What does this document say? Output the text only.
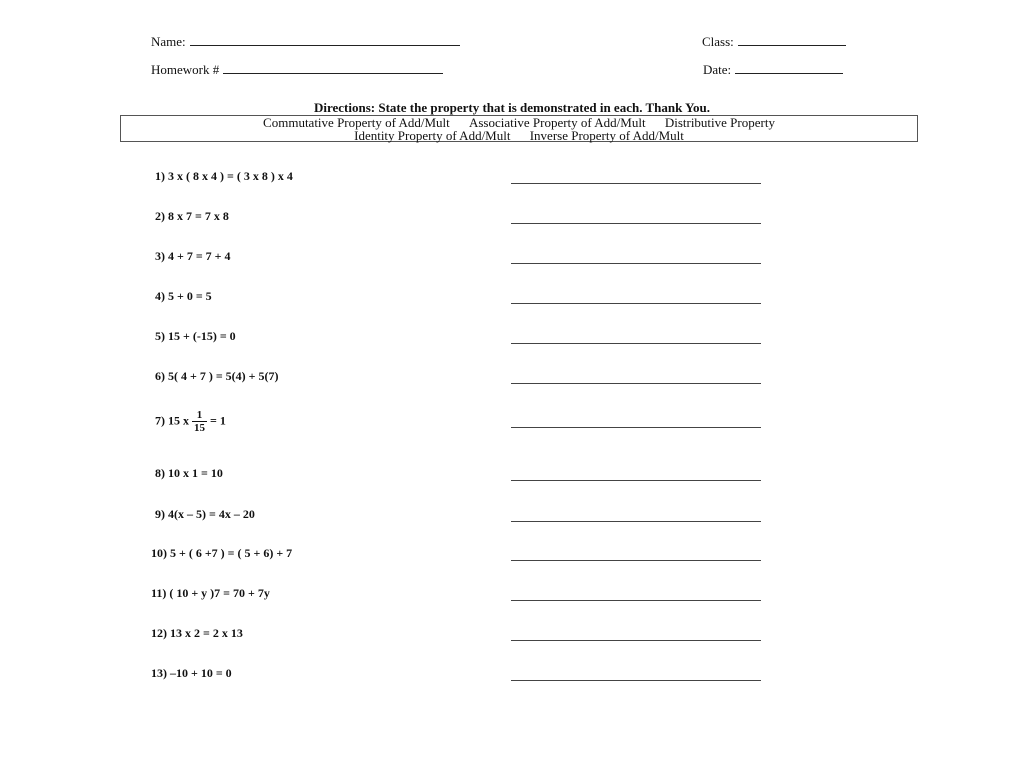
Name:	Class:
Homework #	Date:
Directions: State the property that is demonstrated in each. Thank You.
Commutative Property of Add/Mult Associative Property of Add/Mult Distributive Property
Identity Property of Add/Mult Inverse Property of Add/Mult
1) 3 x ( 8 x 4 ) = ( 3 x 8 ) x 4
2) 8 x 7 = 7 x 8
3) 4 + 7 = 7 + 4
4) 5 + 0 = 5
5) 15 + (-15) = 0
6) 5( 4 + 7 ) = 5(4) + 5(7)
7) 15 x $\frac{1}{15} = 1$
8) 10 x 1 = 10
9) 4(x – 5) = 4x – 20
10) 5 + ( 6 +7 ) = ( 5 + 6) + 7
11) ( 10 + y )7 = 70 + 7y
12) 13 x 2 = 2 x 13
13) –10 + 10 = 0
